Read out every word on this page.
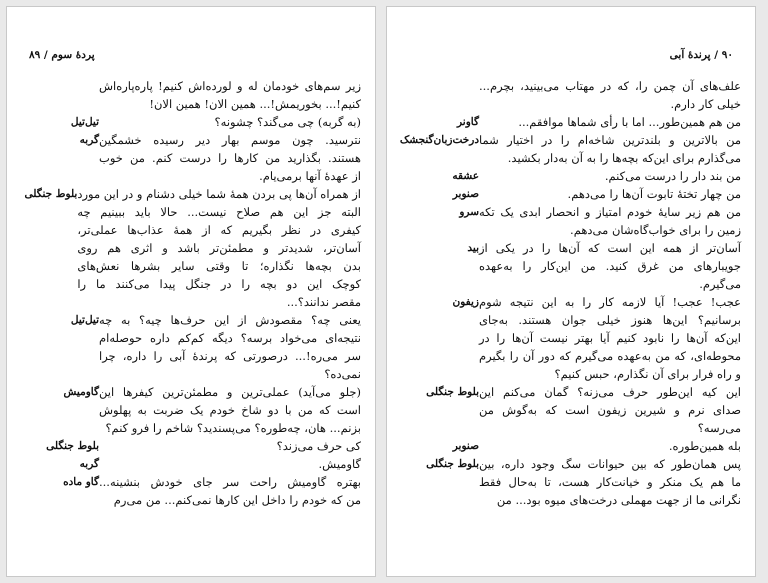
پردهٔ سوم / ۸۹
زیر سم‌های خودمان له و لورده‌اش کنیم! پاره‌پاره‌اش
کنیم!... بخوریمش!... همین الان! همین الان!
(به گربه) چی می‌گند؟ چشونه؟
تیل‌تیل
نترسید. چون موسم بهار دیر رسیده خشمگین
هستند. بگذارید من کارها را درست کنم. من خوب
از عهدهٔ آنها برمی‌یام.
گربه
از همراه آن‌ها پی بردن همهٔ شما خیلی دشنام و در این مورد
البته جز این هم صلاح نیست... حالا باید ببینیم چه
کیفری در نظر بگیریم که از همهٔ عذاب‌ها عملی‌تر،
آسان‌تر، شدیدتر و مطمئن‌تر باشد و اثری هم روی
بدن بچه‌ها نگذاره؛ تا وقتی سایر بشرها نعش‌های
کوچک این دو بچه را در جنگل پیدا می‌کنند ما را
مقصر ندانند؟...
بلوط جنگلی
یعنی چه؟ مقصودش از این حرف‌ها چیه؟ به چه
نتیجه‌ای می‌خواد برسه؟ دیگه کم‌کم داره حوصله‌ام
سر می‌ره!... درصورتی که پرندهٔ آبی را داره، چرا
نمی‌ده؟
تیل‌تیل
(جلو می‌آید) عملی‌ترین و مطمئن‌ترین کیفرها این
است که من با دو شاخ خودم یک ضربت به پهلوش
بزنم... هان، چه‌طوره؟ می‌پسندید؟ شاخم را فرو کنم؟
گاومیش
کی حرف می‌زند؟
بلوط جنگلی
گاومیش.
گربه
بهتره گاومیش راحت سر جای خودش بنشینه...
من که خودم را داخل این کارها نمی‌کنم... من می‌رم
گاو ماده
۹۰ / پرندهٔ آبی
علف‌های آن چمن را، که در مهتاب می‌بینید، بچرم...
خیلی کار دارم.
من هم همین‌طور... اما با رأی شماها موافقم...
گاونر
من بالاترین و بلندترین شاخه‌ام را در اختیار شما
می‌گذارم برای این‌که بچه‌ها را به آن به‌دار بکشید.
درخت‌زبان‌گنجشک
من بند دار را درست می‌کنم.
عشقه
من چهار تختهٔ تابوت آن‌ها را می‌دهم.
صنوبر
من هم زیر سایهٔ خودم امتیاز و انحصار ابدی یک تکه
زمین را برای خواب‌گاه‌شان می‌دهم.
سرو
آسان‌تر از همه این است که آن‌ها را در یکی از
جویبارهای من غرق کنید. من این‌کار را به‌عهده
می‌گیرم.
بید
عجب! عجب! آیا لازمه کار را به این نتیجه شوم
برسانیم؟ این‌ها هنوز خیلی جوان هستند. به‌جای
این‌که آن‌ها را نابود کنیم آیا بهتر نیست آن‌ها را در
محوطه‌ای، که من به‌عهده می‌گیرم که دور آن را بگیرم
و راه فرار برای آن نگذارم، حبس کنیم؟
زیفون
این کیه این‌طور حرف می‌زنه؟ گمان می‌کنم این
صدای نرم و شیرین زیفون است که به‌گوش من
می‌رسه؟
بلوط جنگلی
بله همین‌طوره.
صنوبر
پس همان‌طور که بین حیوانات سگ وجود داره، بین
ما هم یک منکر و خیانت‌کار هست، تا به‌حال فقط
نگرانی ما از جهت مهملی درخت‌های میوه بود... من
بلوط جنگلی
